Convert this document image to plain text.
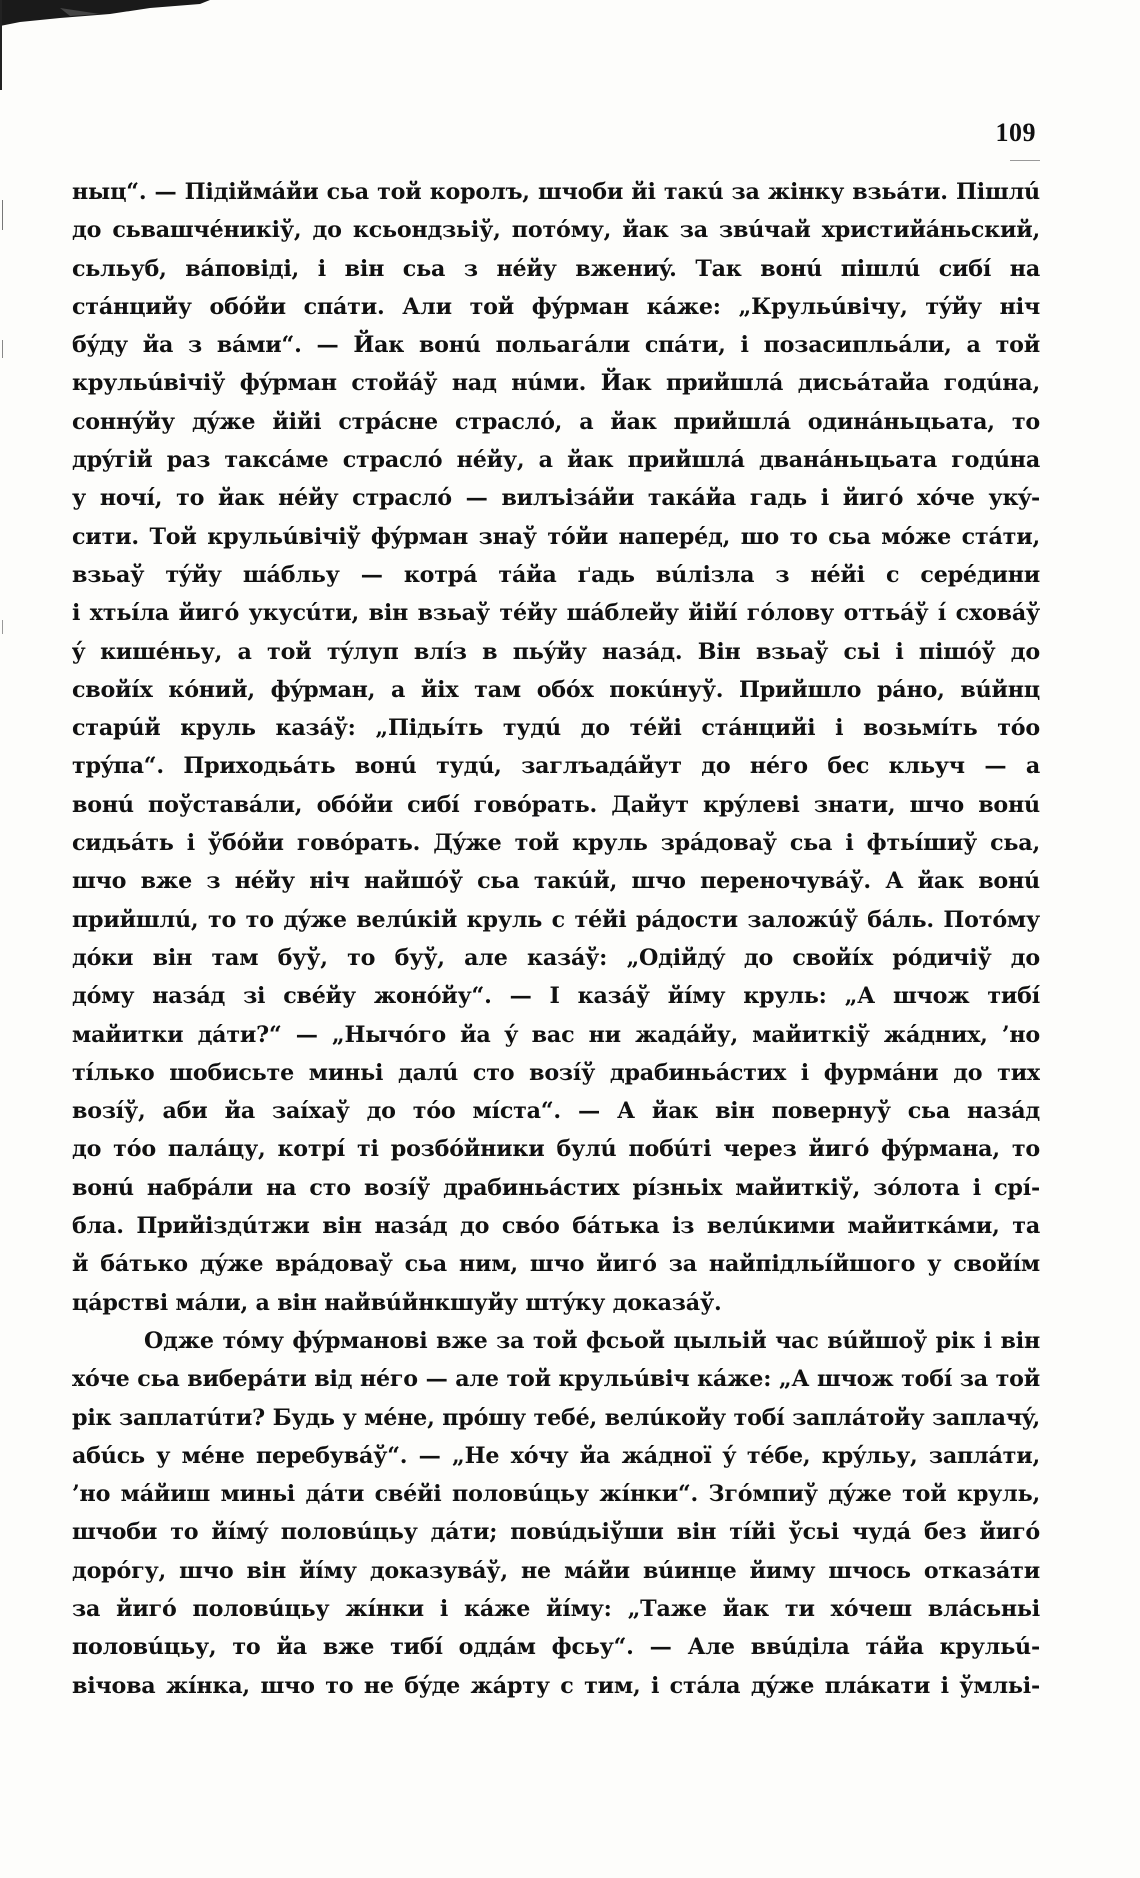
109
ныц“. — Підіймáйи сьа той королъ, шчоби йі такú за жінку взьáти. Пішлú
до сьвашчéникіў, до ксьондзьіў, потóму, йак за звúчай христийáньский,
сьльуб, вáповіді, і він сьа з нéйу вжениý. Так вонú пішлú сибí на
стáнцийу обóйи спáти. Али той фýрман кáже: „Крульúвічу, тýйу ніч
бýду йа з вáми“. — Йак вонú польагáли спáти, і позасипльáли, а той
крульúвічіў фýрман стойáў над нúми. Йак прийшлá дисьáтайа годúна,
соннýйу дýже йійі стрáсне страсло́, а йак прийшлá одинáньцьата, то
дрýгій раз таксáме страсло́ нéйу, а йак прийшлá дванáньцьата годúна
у ночí, то йак нéйу страсло́ — вилъізáйи такáйа гадь і йиго́ хóче укý-
сити. Той крульúвічіў фýрман знаў тóйи наперéд, шо то сьа мóже стáти,
взьаў тýйу шáбльу — котрá тáйа ґадь вúлізла з нéйі с серéдини
і хтьíла йиго́ укусúти, він взьаў тéйу шáблейу йійí гóлову оттьáў і́ сховáў
ý кишéньу, а той тýлуп влíз в пьýйу назáд. Він взьаў сьі і пішóў до
свойíх кóний, фýрман, а йіх там обóх покúнуў. Прийшло рáно, вúйнц
старúй круль казáў: „Підьíть тудú до тéйі стáнцийі і возьмíть тóо
трýпа“. Приходьáть вонú тудú, заглъадáйут до нéго бес кльуч — а
вонú поўставáли, обóйи сибí говóрать. Дайут крýлеві знати, шчо вонú
сидьáть і ўбóйи говóрать. Дýже той круль зрáдоваў сьа і фтьíшиў сьа,
шчо вже з нéйу ніч найшóў сьа такúй, шчо переночувáў. А йак вонú
прийшлú, то то дýже велúкій круль с тéйі рáдости заложúў бáль. Потóму
дóки він там буў, то буў, але казáў: „Одійдý до свойíх рóдичіў до
дóму назáд зі свéйу жонóйу“. — І казáў йíму круль: „А шчож тибí
майитки дáти?“ — „Нычóго йа ý вас ни жадáйу, майиткіў жáдних, ’но
тíлько шобисьте миньі далú сто возíў драбиньáстих і фурмáни до тих
возíў, аби йа заíхаў до тóо мíста“. — А йак він повернуў сьа назáд
до тóо палáцу, котрí ті розбóйники булú побúті через йиго́ фýрмана, то
вонú набрáли на сто возíў драбиньáстих рíзньіх майиткіў, зóлота і срí-
бла. Прийіздúтжи він назáд до свóо бáтька із велúкими майиткáми, та
й бáтько дýже врáдоваў сьа ним, шчо йиго́ за найпідльíйшого у свойíм
цáрстві мáли, а він найвúйнкшуйу штýку доказáў.
Одже тóму фýрманові вже за той фсьой цыльій час вúйшоў рік і він
хóче сьа виберáти від нéго — але той крульúвіч кáже: „А шчож тобí за той
рік заплатúти? Будь у мéне, прóшу тебé, велúкойу тобí заплáтойу заплачý,
абúсь у мéне перебувáў“. — „Не хóчу йа жáдної ý тéбе, крýльу, заплáти,
’но мáйиш миньі дáти свéйі половúцьу жíнки“. Згóмпиў дýже той круль,
шчоби то йíмý половúцьу дáти; повúдьіўши він тíйі ўсьі чудá без йиго́
дорóгу, шчо він йíму доказувáў, не мáйи вúинце йиму шчось отказáти
за йиго́ половúцьу жíнки і кáже йíму: „Таже йак ти хóчеш влáсьньі
половúцьу, то йа вже тибí оддáм фсьу“. — Але ввúділа тáйа крульú-
вічова жíнка, шчо то не бýде жáрту с тим, і стáла дýже плáкати і ўмльі-
